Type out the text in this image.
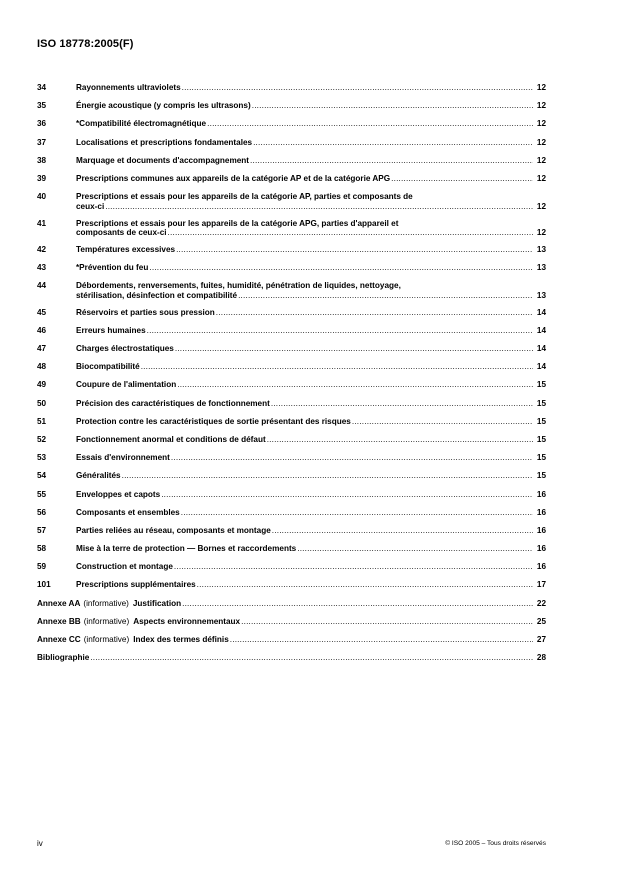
ISO 18778:2005(F)
34	Rayonnements ultraviolets .....	12
35	Énergie acoustique (y compris les ultrasons) .....	12
36	*Compatibilité électromagnétique .....	12
37	Localisations et prescriptions fondamentales .....	12
38	Marquage et documents d'accompagnement .....	12
39	Prescriptions communes aux appareils de la catégorie AP et de la catégorie APG .....	12
40	Prescriptions et essais pour les appareils de la catégorie AP, parties et composants de
ceux-ci .....	12
41	Prescriptions et essais pour les appareils de la catégorie APG, parties d'appareil et
composants de ceux-ci .....	12
42	Températures excessives .....	13
43	*Prévention du feu .....	13
44	Débordements, renversements, fuites, humidité, pénétration de liquides, nettoyage,
stérilisation, désinfection et compatibilité .....	13
45	Réservoirs et parties sous pression .....	14
46	Erreurs humaines .....	14
47	Charges électrostatiques .....	14
48	Biocompatibilité .....	14
49	Coupure de l'alimentation .....	15
50	Précision des caractéristiques de fonctionnement .....	15
51	Protection contre les caractéristiques de sortie présentant des risques .....	15
52	Fonctionnement anormal et conditions de défaut .....	15
53	Essais d'environnement .....	15
54	Généralités .....	15
55	Enveloppes et capots .....	16
56	Composants et ensembles .....	16
57	Parties reliées au réseau, composants et montage .....	16
58	Mise à la terre de protection — Bornes et raccordements .....	16
59	Construction et montage .....	16
101	Prescriptions supplémentaires .....	17
Annexe AA (informative) Justification .....	22
Annexe BB (informative) Aspects environnementaux .....	25
Annexe CC (informative) Index des termes définis .....	27
Bibliographie .....	28
iv	© ISO 2005 – Tous droits réservés
